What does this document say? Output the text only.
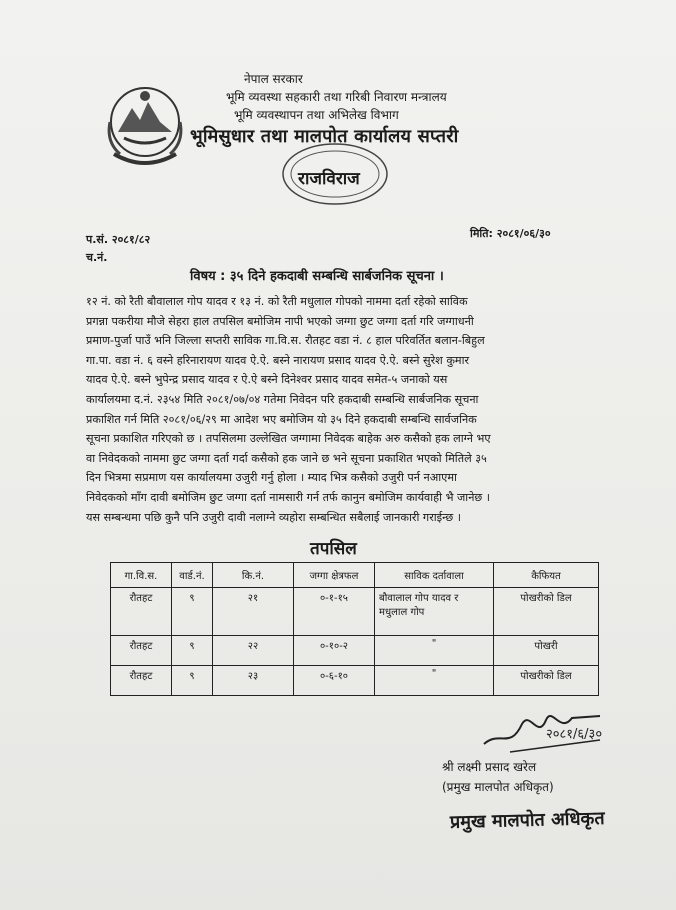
नेपाल सरकार
भूमि व्यवस्था सहकारी तथा गरिबी निवारण मन्त्रालय
भूमि व्यवस्थापन तथा अभिलेख विभाग
भूमिसुधार तथा मालपोत कार्यालय सप्तरी
राजविराज
प.सं. २०८१/८२
च.नं.
मिति: २०८१/०६/३०
विषय : ३५ दिने हकदाबी सम्बन्धि सार्बजनिक सूचना ।
१२ नं. को रैती बौवालाल गोप यादव र १३ नं. को रैती मधुलाल गोपको नाममा दर्ता रहेको साविक
प्रगन्ना पकरीया मौजे सेहरा हाल तपसिल बमोजिम नापी भएको जग्गा छुट जग्गा दर्ता गरि जग्गाधनी
प्रमाण-पुर्जा पाउँ भनि जिल्ला सप्तरी साविक गा.वि.स. रौतहट वडा नं. ८ हाल परिवर्तित बलान-बिहुल
गा.पा. वडा नं. ६ वस्ने हरिनारायण यादव ऐ.ऐ. बस्ने नारायण प्रसाद यादव ऐ.ऐ. बस्ने सुरेश कुमार
यादव ऐ.ऐ. बस्ने भुपेन्द्र प्रसाद यादव र ऐ.ऐ बस्ने दिनेश्वर प्रसाद यादव समेत-५ जनाको यस
कार्यालयमा द.नं. २३५४ मिति २०८१/०७/०४ गतेमा निवेदन परि हकदाबी सम्बन्धि सार्बजनिक सूचना
प्रकाशित गर्न मिति २०८१/०६/२९ मा आदेश भए बमोजिम यो ३५ दिने हकदाबी सम्बन्धि सार्वजनिक
सूचना प्रकाशित गरिएको छ । तपसिलमा उल्लेखित जग्गामा निवेदक बाहेक अरु कसैको हक लाग्ने भए
वा निवेदकको नाममा छुट जग्गा दर्ता गर्दा कसैको हक जाने छ भने सूचना प्रकाशित भएको मितिले ३५
दिन भित्रमा सप्रमाण यस कार्यालयमा उजुरी गर्नु होला । म्याद भित्र कसैको उजुरी पर्न नआएमा
निवेदकको माँग दावी बमोजिम छुट जग्गा दर्ता नामसारी गर्न तर्फ कानुन बमोजिम कार्यवाही भै जानेछ ।
यस सम्बन्धमा पछि कुनै पनि उजुरी दावी नलाग्ने व्यहोरा सम्बन्धित सबैलाई जानकारी गराईन्छ ।
तपसिल
गा.वि.स.	वार्ड.नं.	कि.नं.	जग्गा क्षेत्रफल	साविक दर्तावाला	कैफियत
रौतहट	९	२१	०-१-१५	बौवालाल गोप यादव र मधुलाल गोप	पोखरीको डिल
रौतहट	९	२२	०-१०-२	"	पोखरी
रौतहट	९	२३	०-६-१०	"	पोखरीको डिल
२०८१/६/३०
श्री लक्ष्मी प्रसाद खरेल
(प्रमुख मालपोत अधिकृत)
प्रमुख मालपोत अधिकृत
